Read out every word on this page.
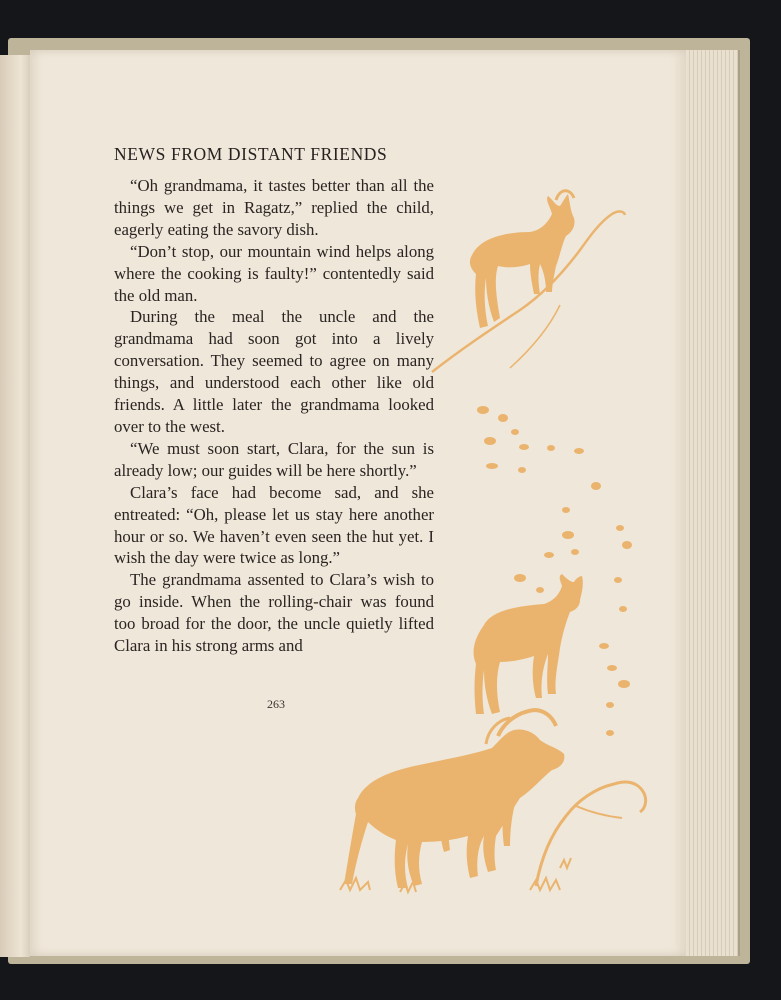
NEWS FROM DISTANT FRIENDS

“Oh grandmama, it tastes better than all the things we get in Ragatz,” replied the child, eagerly eating the savory dish.

“Don’t stop, our mountain wind helps along where the cooking is faulty!” contentedly said the old man.

During the meal the uncle and the grandmama had soon got into a lively conversation. They seemed to agree on many things, and understood each other like old friends. A little later the grandmama looked over to the west.

“We must soon start, Clara, for the sun is already low; our guides will be here shortly.”

Clara’s face had become sad, and she entreated: “Oh, please let us stay here another hour or so. We haven’t even seen the hut yet. I wish the day were twice as long.”

The grandmama assented to Clara’s wish to go inside. When the rolling-chair was found too broad for the door, the uncle quietly lifted Clara in his strong arms and

263
